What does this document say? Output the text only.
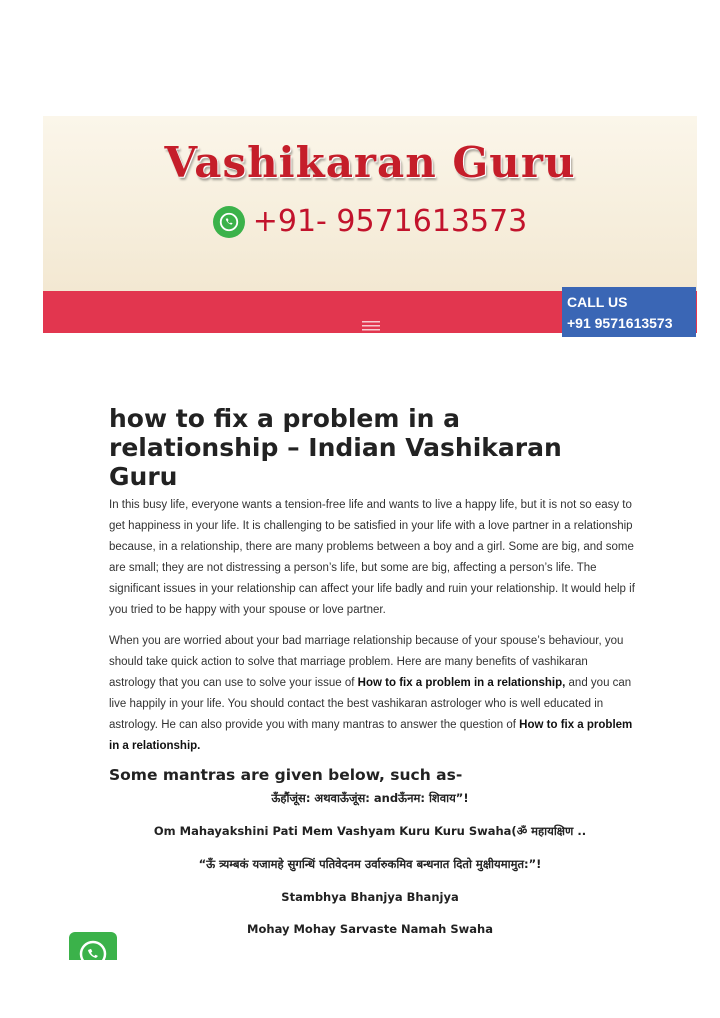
Vashikaran Guru
+91- 9571613573
CALL US
+91 9571613573
how to fix a problem in a relationship – Indian Vashikaran Guru

In this busy life, everyone wants a tension-free life and wants to live a happy life, but it is not so easy to get happiness in your life. It is challenging to be satisfied in your life with a love partner in a relationship because, in a relationship, there are many problems between a boy and a girl. Some are big, and some are small; they are not distressing a person’s life, but some are big, affecting a person’s life. The significant issues in your relationship can affect your life badly and ruin your relationship. It would help if you tried to be happy with your spouse or love partner.

When you are worried about your bad marriage relationship because of your spouse’s behaviour, you should take quick action to solve that marriage problem. Here are many benefits of vashikaran astrology that you can use to solve your issue of How to fix a problem in a relationship, and you can live happily in your life. You should contact the best vashikaran astrologer who is well educated in astrology. He can also provide you with many mantras to answer the question of How to fix a problem in a relationship.

Some mantras are given below, such as-
ऊँहौंजूंस: अथवाऊँजूंस: andऊँनम: शिवाय”!
Om Mahayakshini Pati Mem Vashyam Kuru Kuru Swaha(ॐ महायक्षिण ..
“ऊँ त्र्यम्बकं यजामहे सुगन्धिं पतिवेदनम उर्वारुकमिव बन्धनात दितो मुक्षीयमामुत:”!
Stambhya Bhanjya Bhanjya
Mohay Mohay Sarvaste Namah Swaha
